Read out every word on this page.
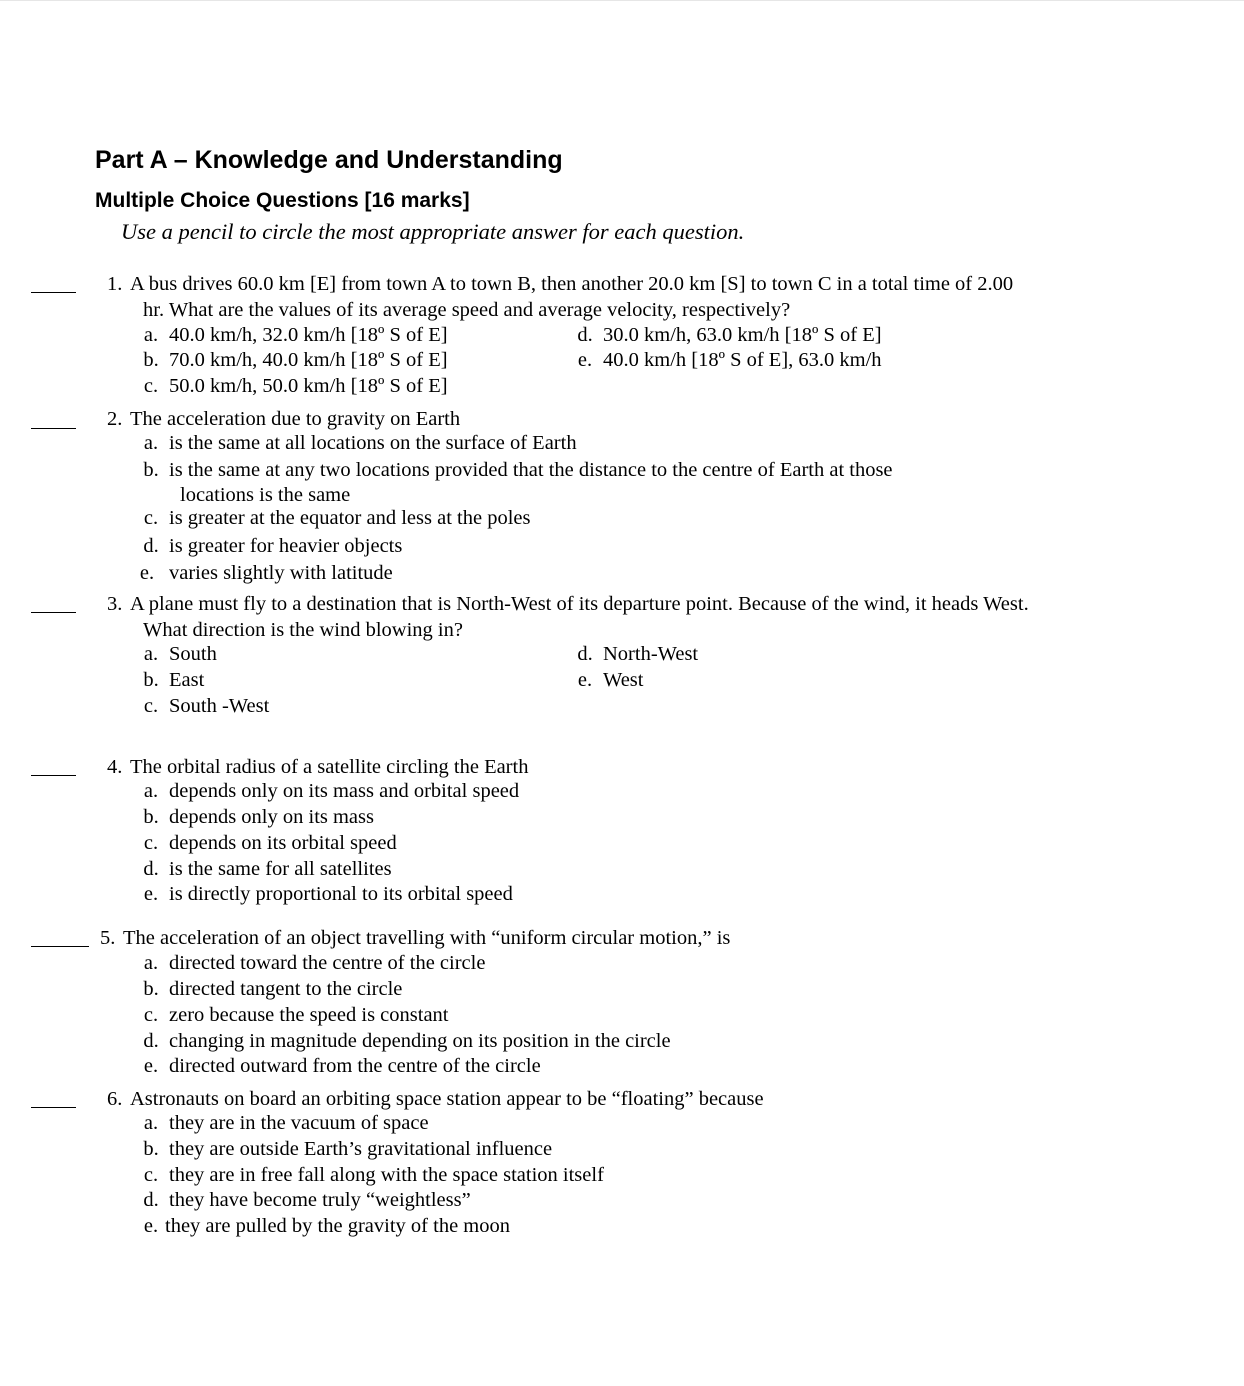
Part A – Knowledge and Understanding
Multiple Choice Questions [16 marks]
Use a pencil to circle the most appropriate answer for each question.
1. A bus drives 60.0 km [E] from town A to town B, then another 20.0 km [S] to town C in a total time of 2.00
hr. What are the values of its average speed and average velocity, respectively?
a. 40.0 km/h, 32.0 km/h [18º S of E]
b. 70.0 km/h, 40.0 km/h [18º S of E]
c. 50.0 km/h, 50.0 km/h [18º S of E]
d. 30.0 km/h, 63.0 km/h [18º S of E]
e. 40.0 km/h [18º S of E], 63.0 km/h
2. The acceleration due to gravity on Earth
a. is the same at all locations on the surface of Earth
b. is the same at any two locations provided that the distance to the centre of Earth at those
locations is the same
c. is greater at the equator and less at the poles
d. is greater for heavier objects
e. varies slightly with latitude
3. A plane must fly to a destination that is North-West of its departure point. Because of the wind, it heads West.
What direction is the wind blowing in?
a. South
b. East
c. South -West
d. North-West
e. West
4. The orbital radius of a satellite circling the Earth
a. depends only on its mass and orbital speed
b. depends only on its mass
c. depends on its orbital speed
d. is the same for all satellites
e. is directly proportional to its orbital speed
5. The acceleration of an object travelling with “uniform circular motion,” is
a. directed toward the centre of the circle
b. directed tangent to the circle
c. zero because the speed is constant
d. changing in magnitude depending on its position in the circle
e. directed outward from the centre of the circle
6. Astronauts on board an orbiting space station appear to be “floating” because
a. they are in the vacuum of space
b. they are outside Earth’s gravitational influence
c. they are in free fall along with the space station itself
d. they have become truly “weightless”
e. they are pulled by the gravity of the moon
